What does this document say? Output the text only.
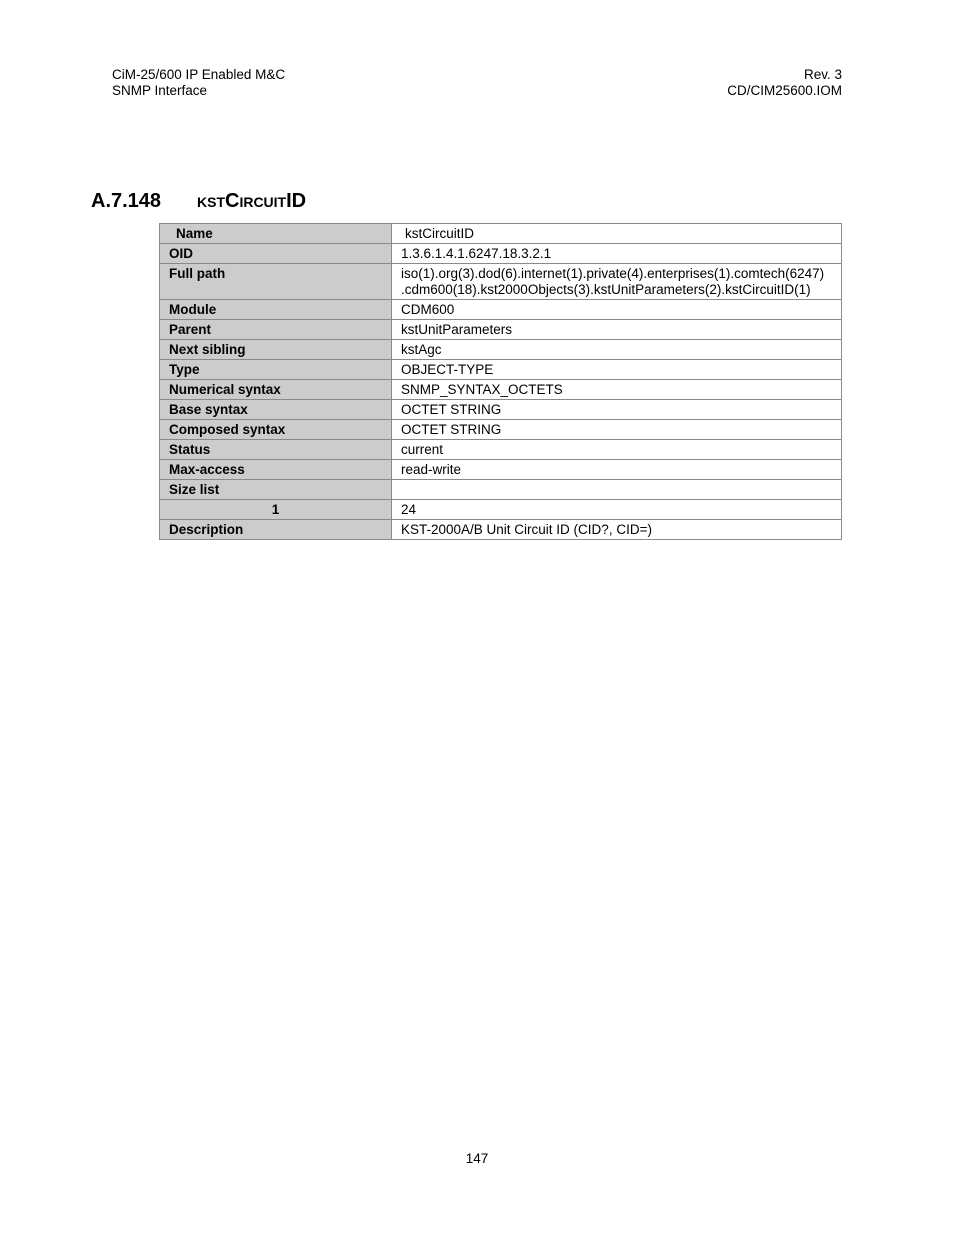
CiM-25/600 IP Enabled M&C
SNMP Interface
Rev. 3
CD/CIM25600.IOM
A.7.148 kstCircuitID
Name	kstCircuitID
OID	1.3.6.1.4.1.6247.18.3.2.1
Full path	iso(1).org(3).dod(6).internet(1).private(4).enterprises(1).comtech(6247)
.cdm600(18).kst2000Objects(3).kstUnitParameters(2).kstCircuitID(1)

Module	CDM600
Parent	kstUnitParameters
Next sibling	kstAgc
Type	OBJECT-TYPE
Numerical syntax	SNMP_SYNTAX_OCTETS
Base syntax	OCTET STRING
Composed syntax	OCTET STRING
Status	current
Max-access	read-write
Size list	
1	24
Description	KST-2000A/B Unit Circuit ID (CID?, CID=)
147
